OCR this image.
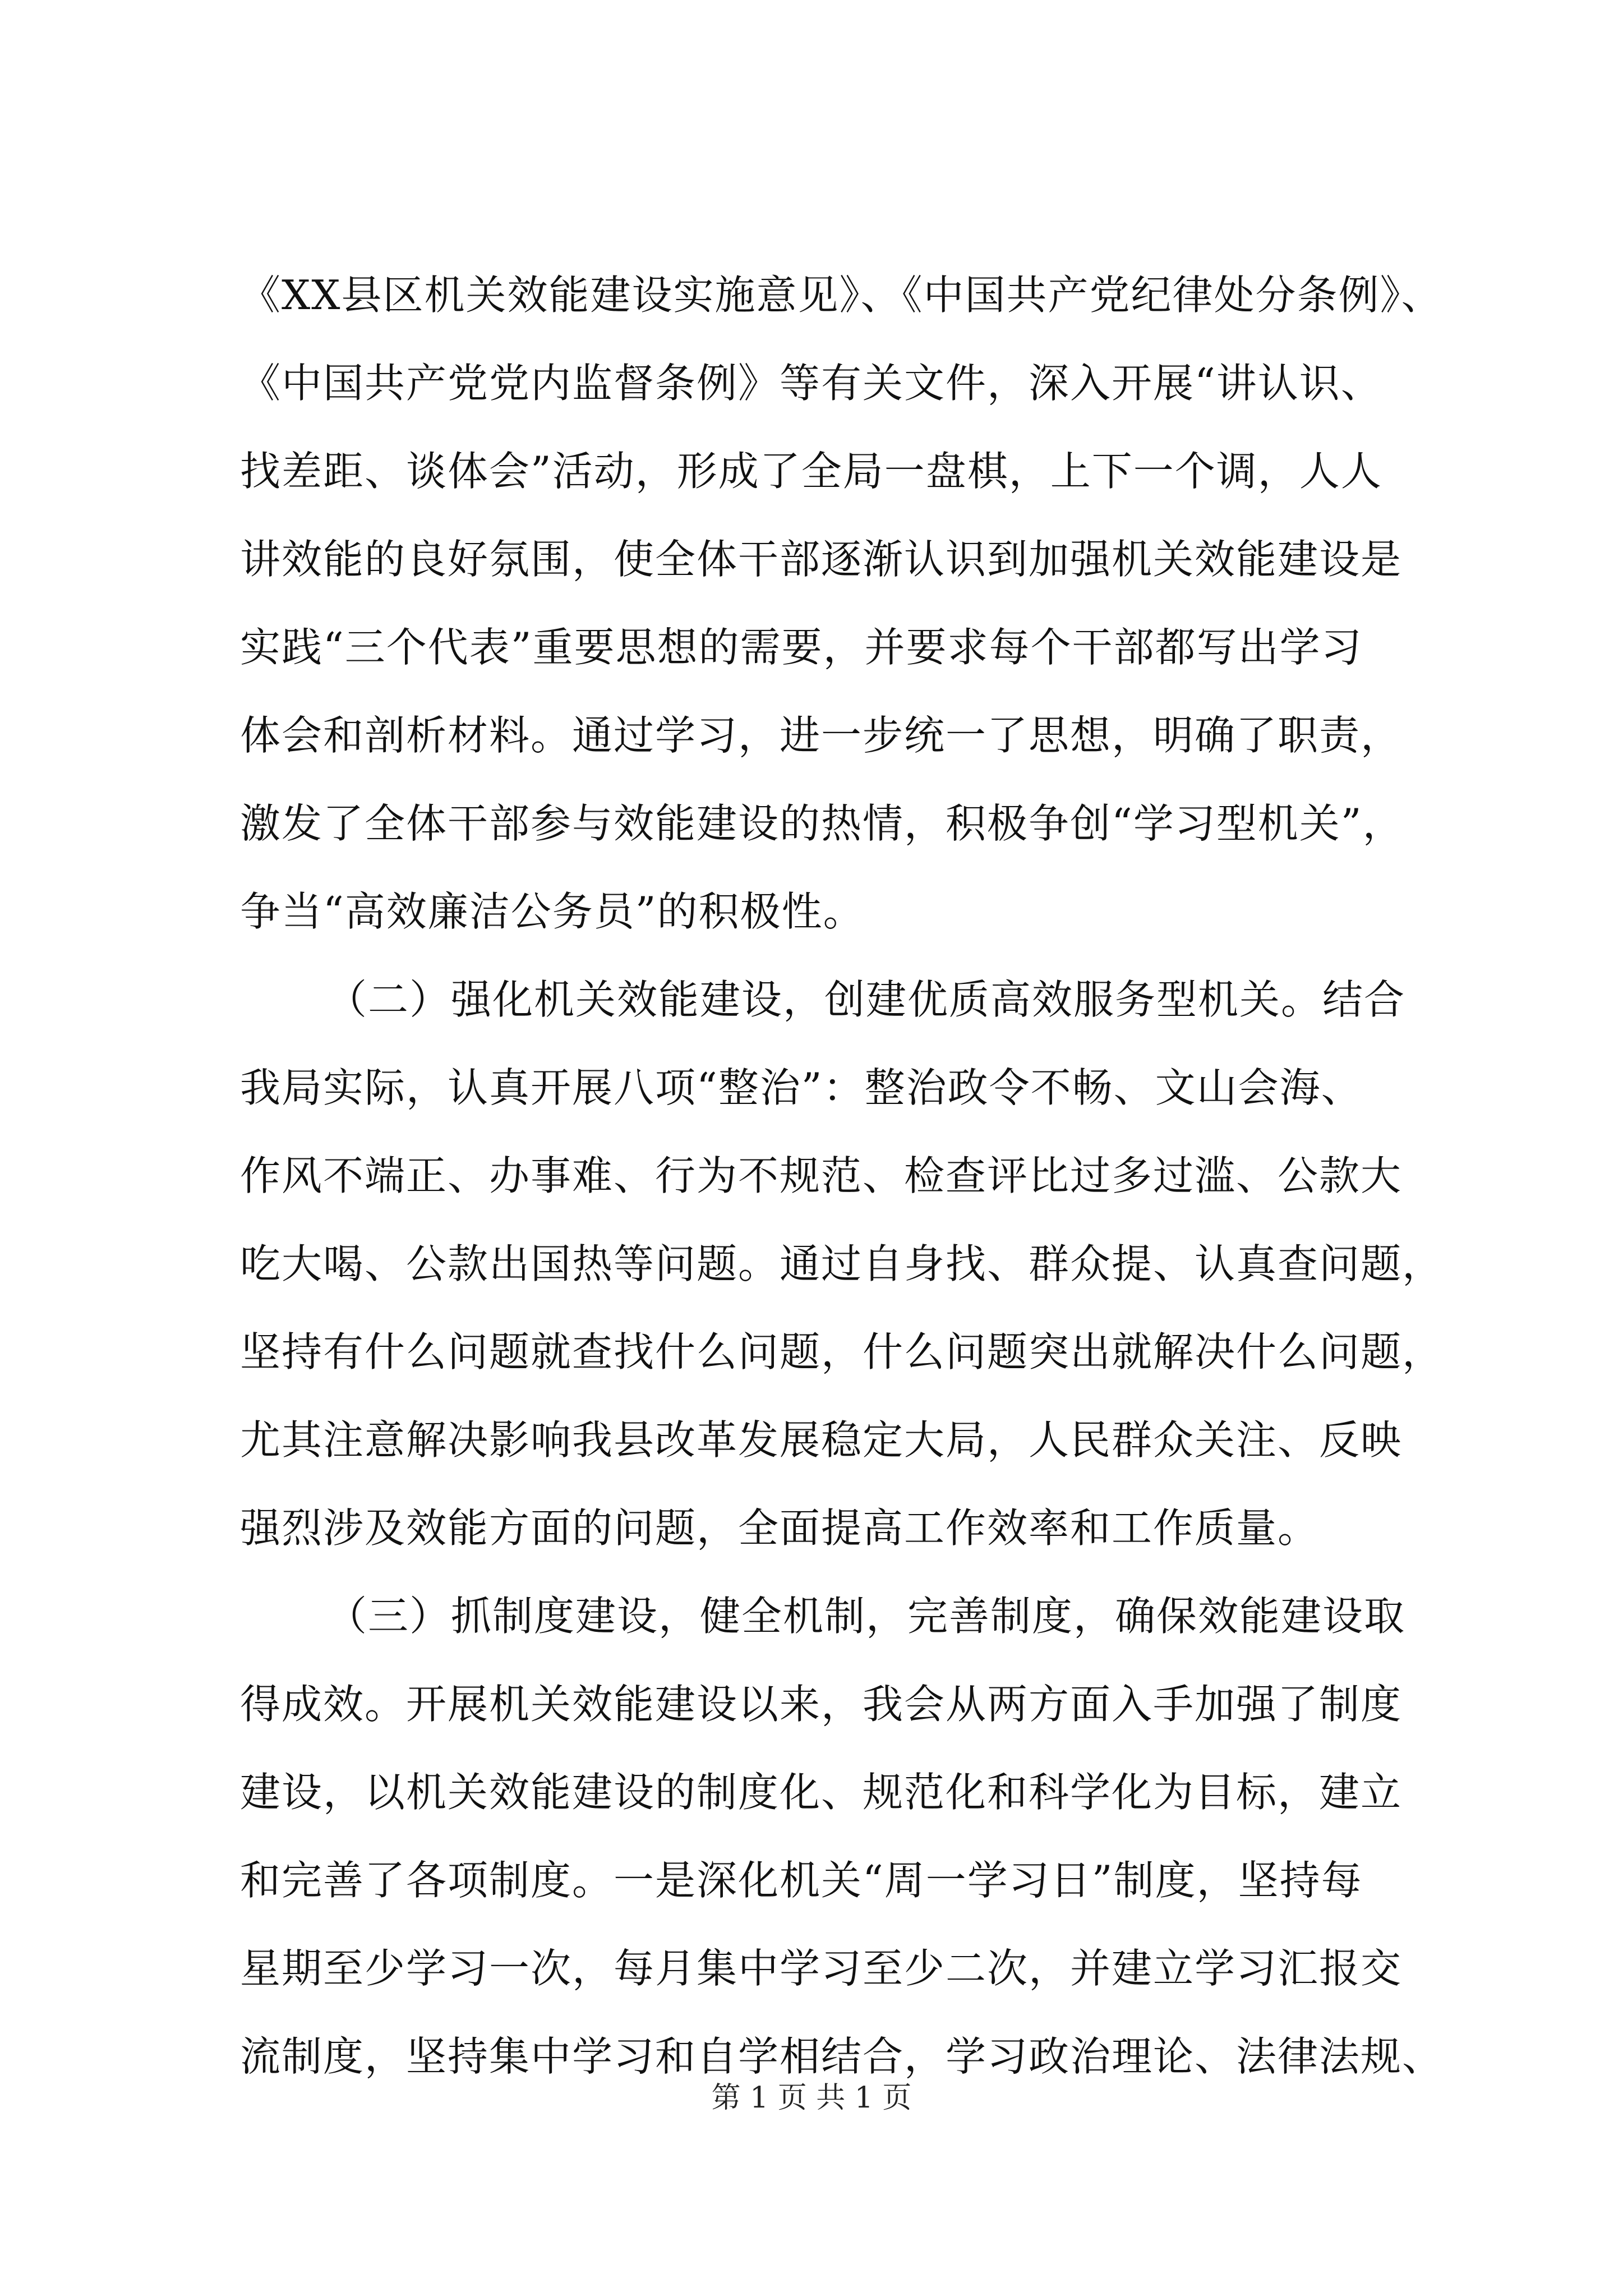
《XX县区机关效能建设实施意见》、《中国共产党纪律处分条例》、
《中国共产党党内监督条例》等有关文件，深入开展“讲认识、
找差距、谈体会”活动，形成了全局一盘棋，上下一个调，人人
讲效能的良好氛围，使全体干部逐渐认识到加强机关效能建设是
实践“三个代表”重要思想的需要，并要求每个干部都写出学习
体会和剖析材料。通过学习，进一步统一了思想，明确了职责，
激发了全体干部参与效能建设的热情，积极争创“学习型机关”，
争当“高效廉洁公务员”的积极性。
（二）强化机关效能建设，创建优质高效服务型机关。结合
我局实际，认真开展八项“整治”：整治政令不畅、文山会海、
作风不端正、办事难、行为不规范、检查评比过多过滥、公款大
吃大喝、公款出国热等问题。通过自身找、群众提、认真查问题，
坚持有什么问题就查找什么问题，什么问题突出就解决什么问题，
尤其注意解决影响我县改革发展稳定大局，人民群众关注、反映
强烈涉及效能方面的问题，全面提高工作效率和工作质量。
（三）抓制度建设，健全机制，完善制度，确保效能建设取
得成效。开展机关效能建设以来，我会从两方面入手加强了制度
建设，以机关效能建设的制度化、规范化和科学化为目标，建立
和完善了各项制度。一是深化机关“周一学习日”制度，坚持每
星期至少学习一次，每月集中学习至少二次，并建立学习汇报交
流制度，坚持集中学习和自学相结合，学习政治理论、法律法规、
第 1 页 共 1 页
